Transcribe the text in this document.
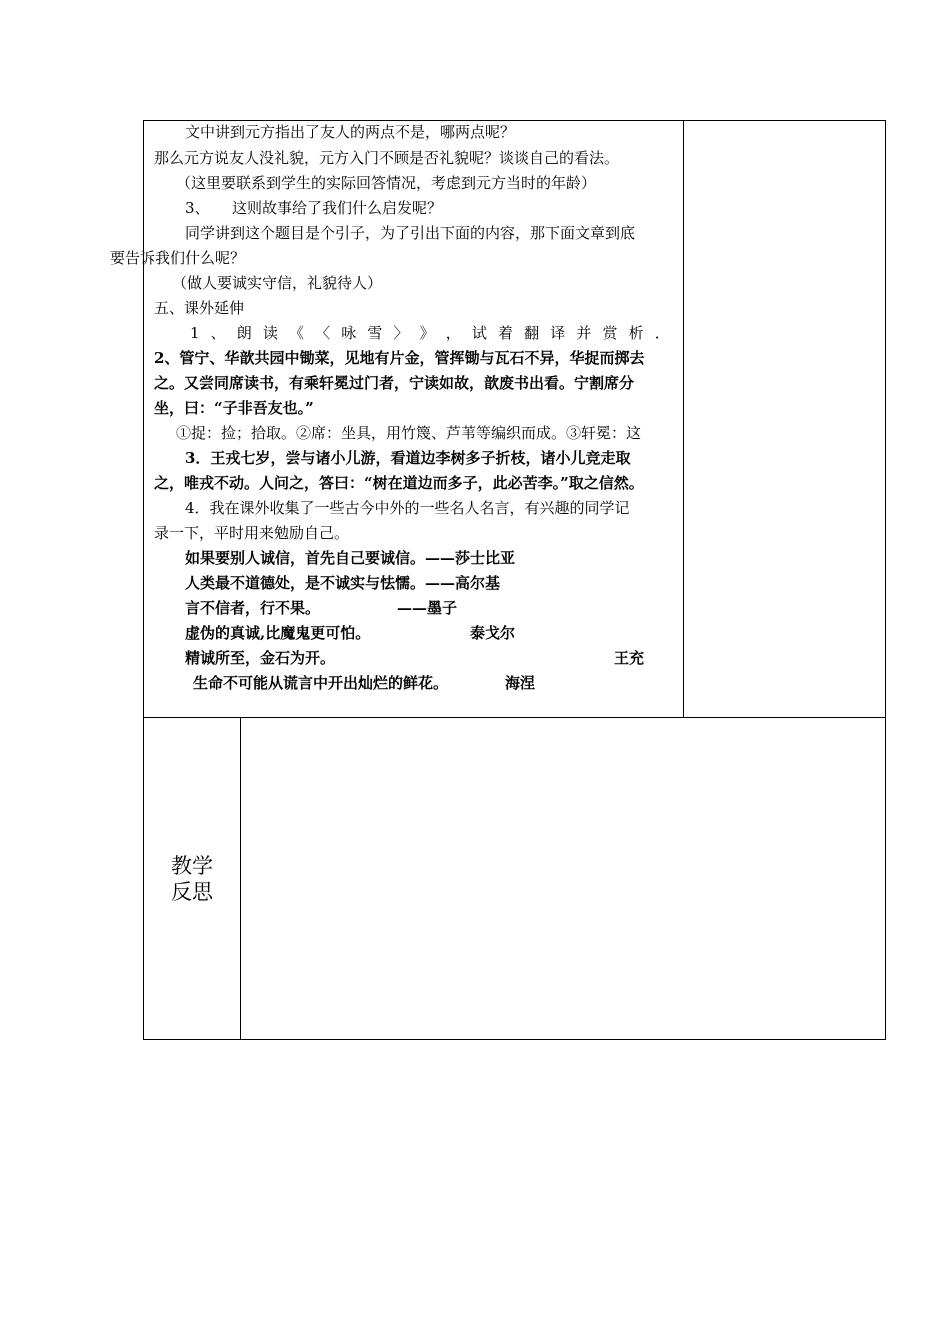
文中讲到元方指出了友人的两点不是，哪两点呢？
那么元方说友人没礼貌，元方入门不顾是否礼貌呢？谈谈自己的看法。
（这里要联系到学生的实际回答情况，考虑到元方当时的年龄）
3、　　这则故事给了我们什么启发呢？
同学讲到这个题目是个引子，为了引出下面的内容，那下面文章到底
要告诉我们什么呢？
（做人要诚实守信，礼貌待人）
五、课外延伸
1 、 朗 读 《 〈 咏 雪 〉 》 ， 试 着 翻 译 并 赏 析 ．
2、管宁、华歆共园中锄菜，见地有片金，管挥锄与瓦石不异，华捉而掷去
之。又尝同席读书，有乘轩冕过门者，宁读如故，歆废书出看。宁割席分
坐，曰：“子非吾友也。”
①捉：捡；拾取。②席：坐具，用竹篾、芦苇等编织而成。③轩冕：这
3．王戎七岁，尝与诸小儿游，看道边李树多子折枝，诸小儿竞走取
之，唯戎不动。人问之，答曰：“树在道边而多子，此必苦李。”取之信然。
4．我在课外收集了一些古今中外的一些名人名言，有兴趣的同学记
录一下，平时用来勉励自己。
如果要别人诚信，首先自己要诚信。——莎士比亚
人类最不道德处，是不诚实与怯懦。——高尔基
言不信者，行不果。	——墨子
虚伪的真诚,比魔鬼更可怕。	泰戈尔
精诚所至，金石为开。	王充
生命不可能从谎言中开出灿烂的鲜花。	海涅
教学
反思
